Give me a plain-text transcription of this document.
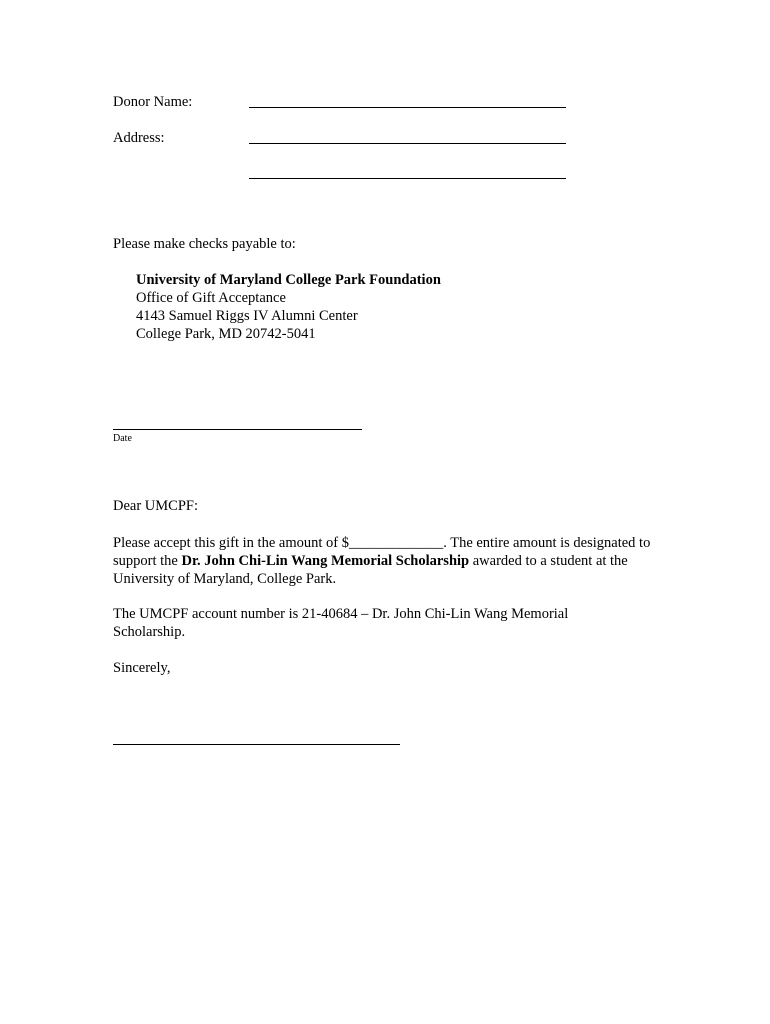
Donor Name:
Address:
Please make checks payable to:
University of Maryland College Park Foundation
Office of Gift Acceptance
4143 Samuel Riggs IV Alumni Center
College Park, MD 20742-5041
Date
Dear UMCPF:
Please accept this gift in the amount of $_____________. The entire amount is designated to support the Dr. John Chi-Lin Wang Memorial Scholarship awarded to a student at the University of Maryland, College Park.
The UMCPF account number is 21-40684 – Dr. John Chi-Lin Wang Memorial Scholarship.
Sincerely,
